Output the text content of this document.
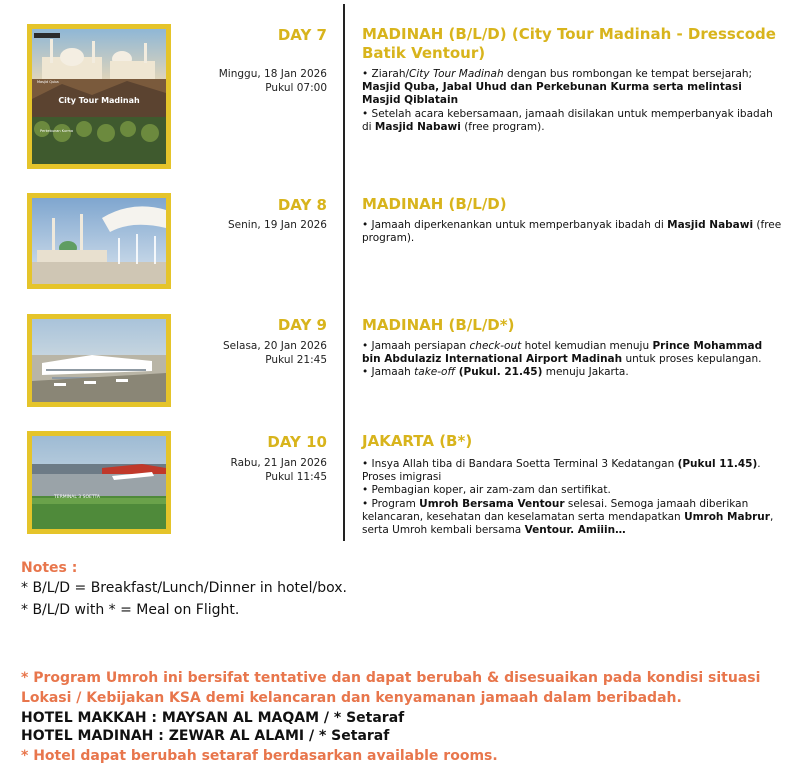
City Tour Madinah
Masjid Quba
Perkebunan Kurma
DAY 7
Minggu, 18 Jan 2026
Pukul 07:00
MADINAH (B/L/D) (City Tour Madinah - Dresscode Batik Ventour)
• Ziarah/City Tour Madinah dengan bus rombongan ke tempat bersejarah; Masjid Quba, Jabal Uhud dan Perkebunan Kurma serta melintasi Masjid Qiblatain
• Setelah acara kebersamaan, jamaah disilakan untuk memperbanyak ibadah di Masjid Nabawi (free program).
DAY 8
Senin, 19 Jan 2026
MADINAH (B/L/D)
• Jamaah diperkenankan untuk memperbanyak ibadah di Masjid Nabawi (free program).
DAY 9
Selasa, 20 Jan 2026
Pukul 21:45
MADINAH (B/L/D*)
• Jamaah persiapan check-out hotel kemudian menuju Prince Mohammad bin Abdulaziz International Airport Madinah untuk proses kepulangan.
• Jamaah take-off (Pukul. 21.45) menuju Jakarta.
TERMINAL 3 SOETTA
DAY 10
Rabu, 21 Jan 2026
Pukul 11:45
JAKARTA (B*)
• Insya Allah tiba di Bandara Soetta Terminal 3 Kedatangan (Pukul 11.45). Proses imigrasi
• Pembagian koper, air zam-zam dan sertifikat.
• Program Umroh Bersama Ventour selesai. Semoga jamaah diberikan kelancaran, kesehatan dan keselamatan serta mendapatkan Umroh Mabrur, serta Umroh kembali bersama Ventour. Amiiin…
Notes :
* B/L/D = Breakfast/Lunch/Dinner in hotel/box.
* B/L/D with * = Meal on Flight.
* Program Umroh ini bersifat tentative dan dapat berubah & disesuaikan pada kondisi situasi Lokasi / Kebijakan KSA demi kelancaran dan kenyamanan jamaah dalam beribadah.
HOTEL MAKKAH : MAYSAN AL MAQAM / * Setaraf
HOTEL MADINAH : ZEWAR AL ALAMI / * Setaraf
* Hotel dapat berubah setaraf berdasarkan available rooms.
